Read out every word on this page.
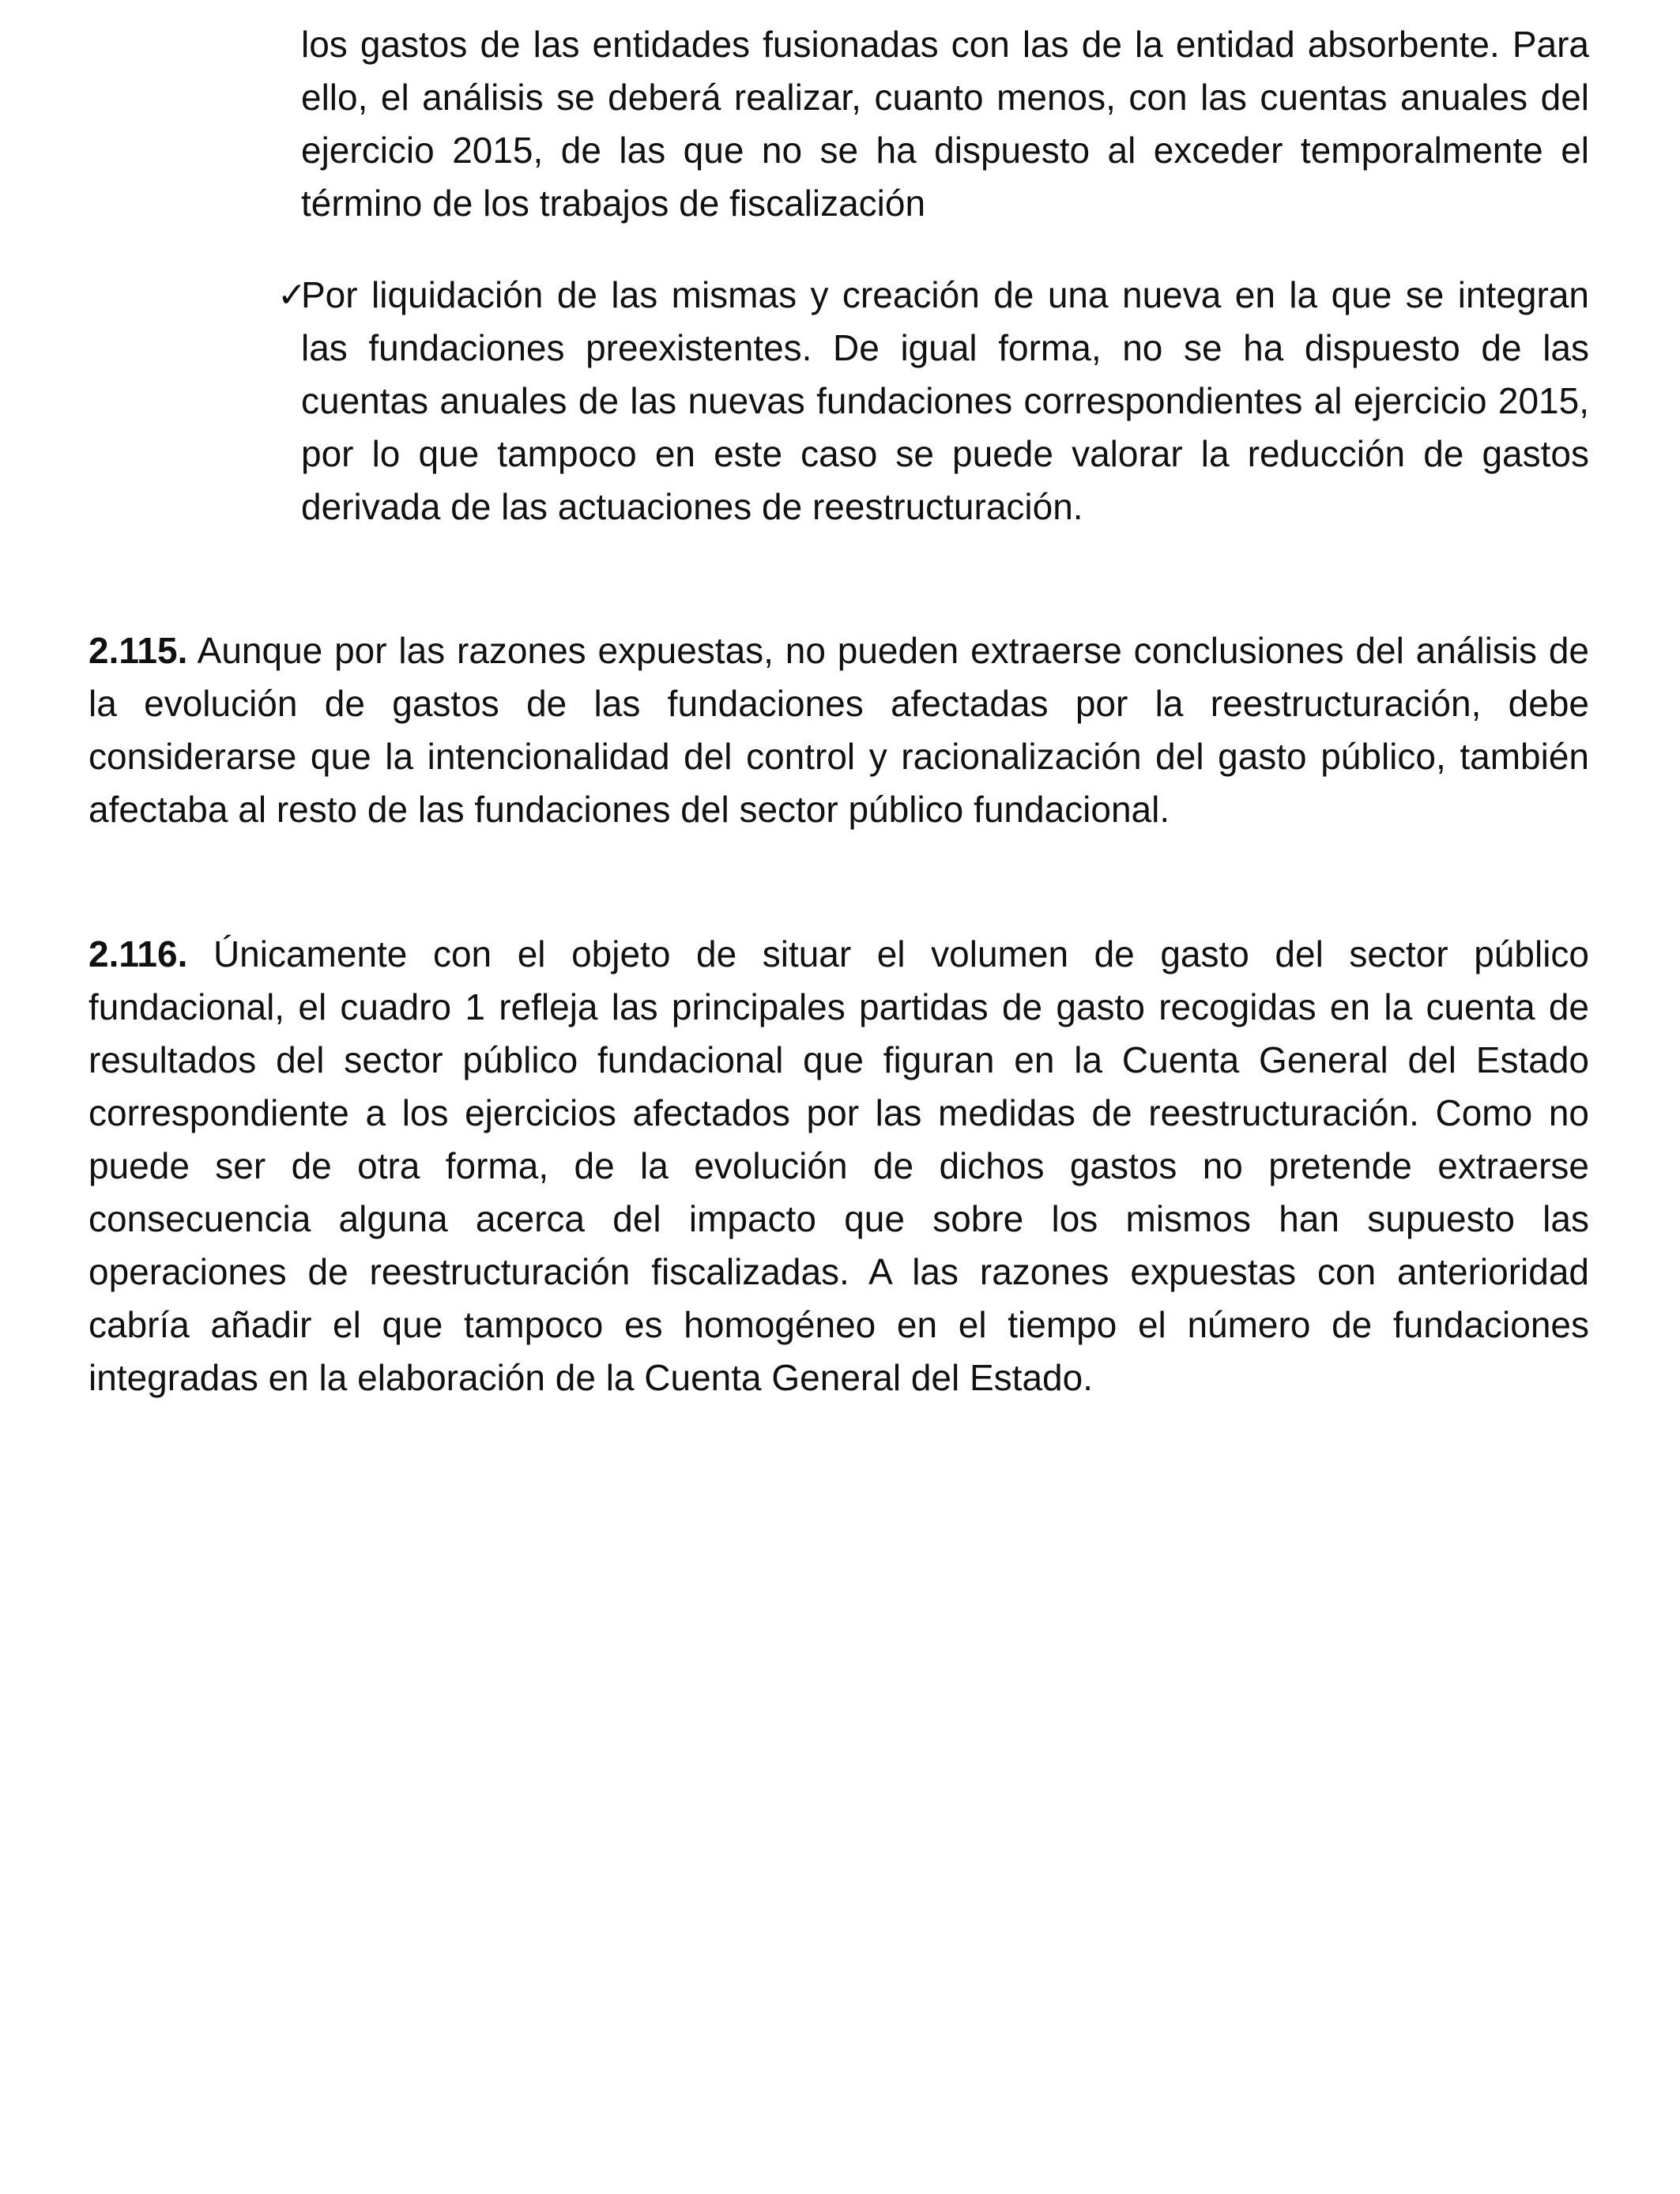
los gastos de las entidades fusionadas con las de la entidad absorbente. Para ello, el análisis se deberá realizar, cuanto menos, con las cuentas anuales del ejercicio 2015, de las que no se ha dispuesto al exceder temporalmente el término de los trabajos de fiscalización

✓
Por liquidación de las mismas y creación de una nueva en la que se integran las fundaciones preexistentes. De igual forma, no se ha dispuesto de las cuentas anuales de las nuevas fundaciones correspondientes al ejercicio 2015, por lo que tampoco en este caso se puede valorar la reducción de gastos derivada de las actuaciones de reestructuración.

2.115. Aunque por las razones expuestas, no pueden extraerse conclusiones del análisis de la evolución de gastos de las fundaciones afectadas por la reestructuración, debe considerarse que la intencionalidad del control y racionalización del gasto público, también afectaba al resto de las fundaciones del sector público fundacional.

2.116. Únicamente con el objeto de situar el volumen de gasto del sector público fundacional, el cuadro 1 refleja las principales partidas de gasto recogidas en la cuenta de resultados del sector público fundacional que figuran en la Cuenta General del Estado correspondiente a los ejercicios afectados por las medidas de reestructuración. Como no puede ser de otra forma, de la evolución de dichos gastos no pretende extraerse consecuencia alguna acerca del impacto que sobre los mismos han supuesto las operaciones de reestructuración fiscalizadas. A las razones expuestas con anterioridad cabría añadir el que tampoco es homogéneo en el tiempo el número de fundaciones integradas en la elaboración de la Cuenta General del Estado.
